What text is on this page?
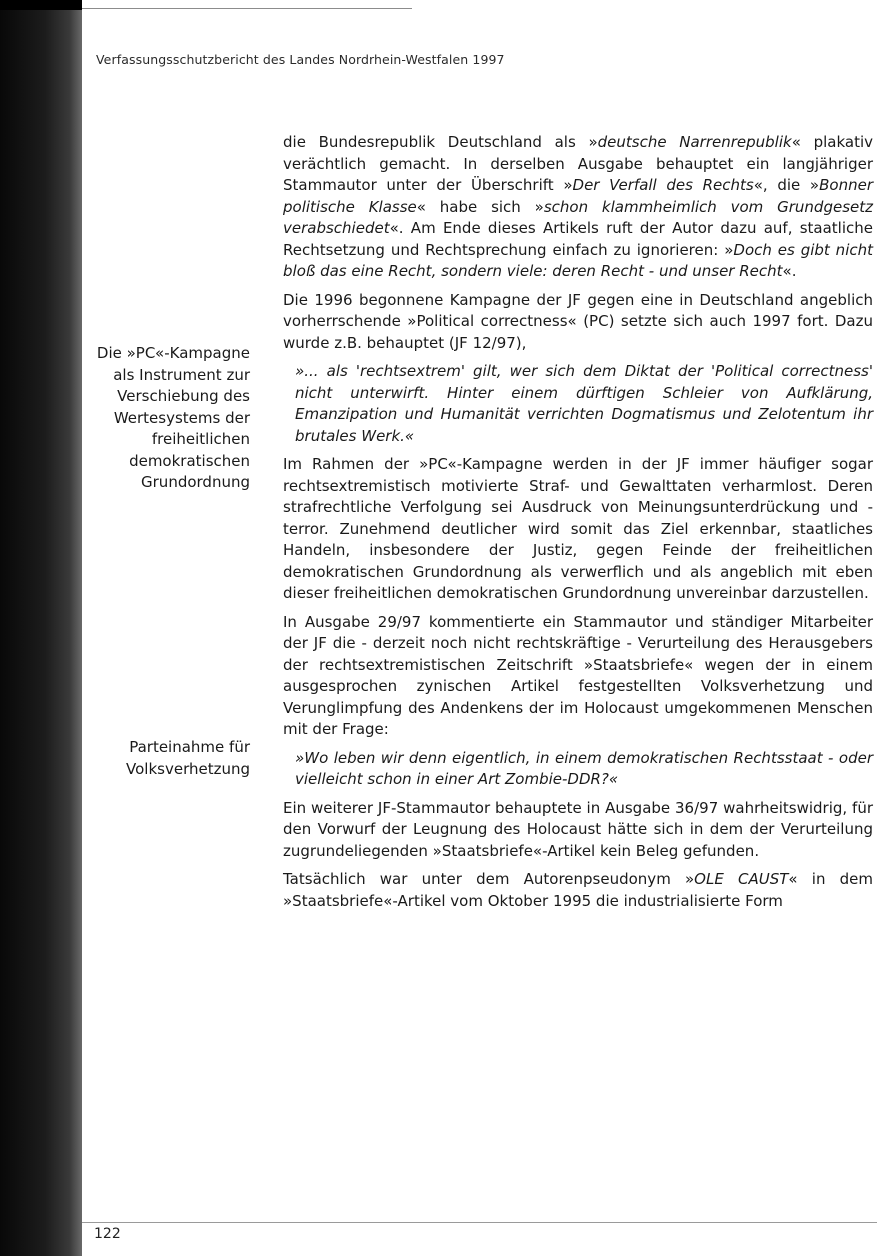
Verfassungsschutzbericht des Landes Nordrhein-Westfalen 1997
Die »PC«-Kampagne als Instrument zur Verschiebung des Wertesystems der freiheitlichen demokratischen Grundordnung
Parteinahme für Volksverhetzung

die Bundesrepublik Deutschland als »deutsche Narrenrepublik« plakativ verächtlich gemacht. In derselben Ausgabe behauptet ein langjähriger Stammautor unter der Überschrift »Der Verfall des Rechts«, die »Bonner politische Klasse« habe sich »schon klammheimlich vom Grundgesetz verabschiedet«. Am Ende dieses Artikels ruft der Autor dazu auf, staatliche Rechtsetzung und Rechtsprechung einfach zu ignorieren: »Doch es gibt nicht bloß das eine Recht, sondern viele: deren Recht - und unser Recht«.

Die 1996 begonnene Kampagne der JF gegen eine in Deutschland angeblich vorherrschende »Political correctness« (PC) setzte sich auch 1997 fort. Dazu wurde z.B. behauptet (JF 12/97),

»... als 'rechtsextrem' gilt, wer sich dem Diktat der 'Political correctness' nicht unterwirft. Hinter einem dürftigen Schleier von Aufklärung, Emanzipation und Humanität verrichten Dogmatismus und Zelotentum ihr brutales Werk.«

Im Rahmen der »PC«-Kampagne werden in der JF immer häufiger sogar rechtsextremistisch motivierte Straf- und Gewalttaten verharmlost. Deren strafrechtliche Verfolgung sei Ausdruck von Meinungsunterdrückung und -terror. Zunehmend deutlicher wird somit das Ziel erkennbar, staatliches Handeln, insbesondere der Justiz, gegen Feinde der freiheitlichen demokratischen Grundordnung als verwerflich und als angeblich mit eben dieser freiheitlichen demokratischen Grundordnung unvereinbar darzustellen.

In Ausgabe 29/97 kommentierte ein Stammautor und ständiger Mitarbeiter der JF die - derzeit noch nicht rechtskräftige - Verurteilung des Herausgebers der rechtsextremistischen Zeitschrift »Staatsbriefe« wegen der in einem ausgesprochen zynischen Artikel festgestellten Volksverhetzung und Verunglimpfung des Andenkens der im Holocaust umgekommenen Menschen mit der Frage:

»Wo leben wir denn eigentlich, in einem demokratischen Rechtsstaat - oder vielleicht schon in einer Art Zombie-DDR?«

Ein weiterer JF-Stammautor behauptete in Ausgabe 36/97 wahrheitswidrig, für den Vorwurf der Leugnung des Holocaust hätte sich in dem der Verurteilung zugrundeliegenden »Staatsbriefe«-Artikel kein Beleg gefunden.

Tatsächlich war unter dem Autorenpseudonym »OLE CAUST« in dem »Staatsbriefe«-Artikel vom Oktober 1995 die industrialisierte Form

122
